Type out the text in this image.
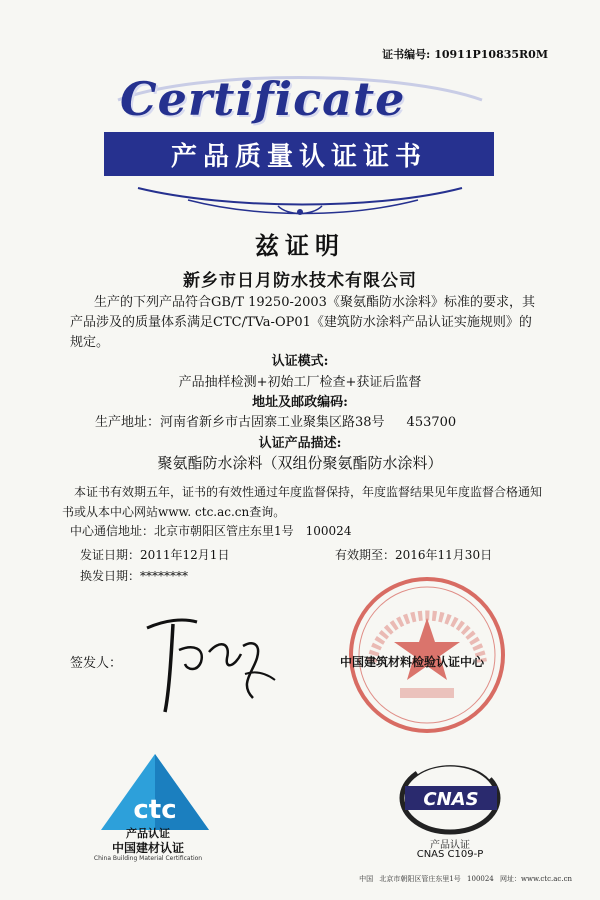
证书编号: 10911P10835R0M
Certificate
产品质量认证证书
兹证明
新乡市日月防水技术有限公司
生产的下列产品符合GB/T 19250-2003《聚氨酯防水涂料》标准的要求，其产品涉及的质量体系满足CTC/TVa-OP01《建筑防水涂料产品认证实施规则》的规定。
认证模式:
产品抽样检测+初始工厂检查+获证后监督
地址及邮政编码:
生产地址：河南省新乡市古固寨工业聚集区路38号 453700
认证产品描述:
聚氨酯防水涂料（双组份聚氨酯防水涂料）
本证书有效期五年，证书的有效性通过年度监督保持，年度监督结果见年度监督合格通知书或从本中心网站www. ctc.ac.cn查询。
中心通信地址：北京市朝阳区管庄东里1号 100024
发证日期：2011年12月1日	有效期至：2016年11月30日
换发日期：********
签发人：	中国建筑材料检验认证中心
ctc
产品认证
中国建材认证
China Building Material Certification
CNAS
产品认证
CNAS C109-P
中国 北京市朝阳区管庄东里1号 100024 网址：www.ctc.ac.cn
